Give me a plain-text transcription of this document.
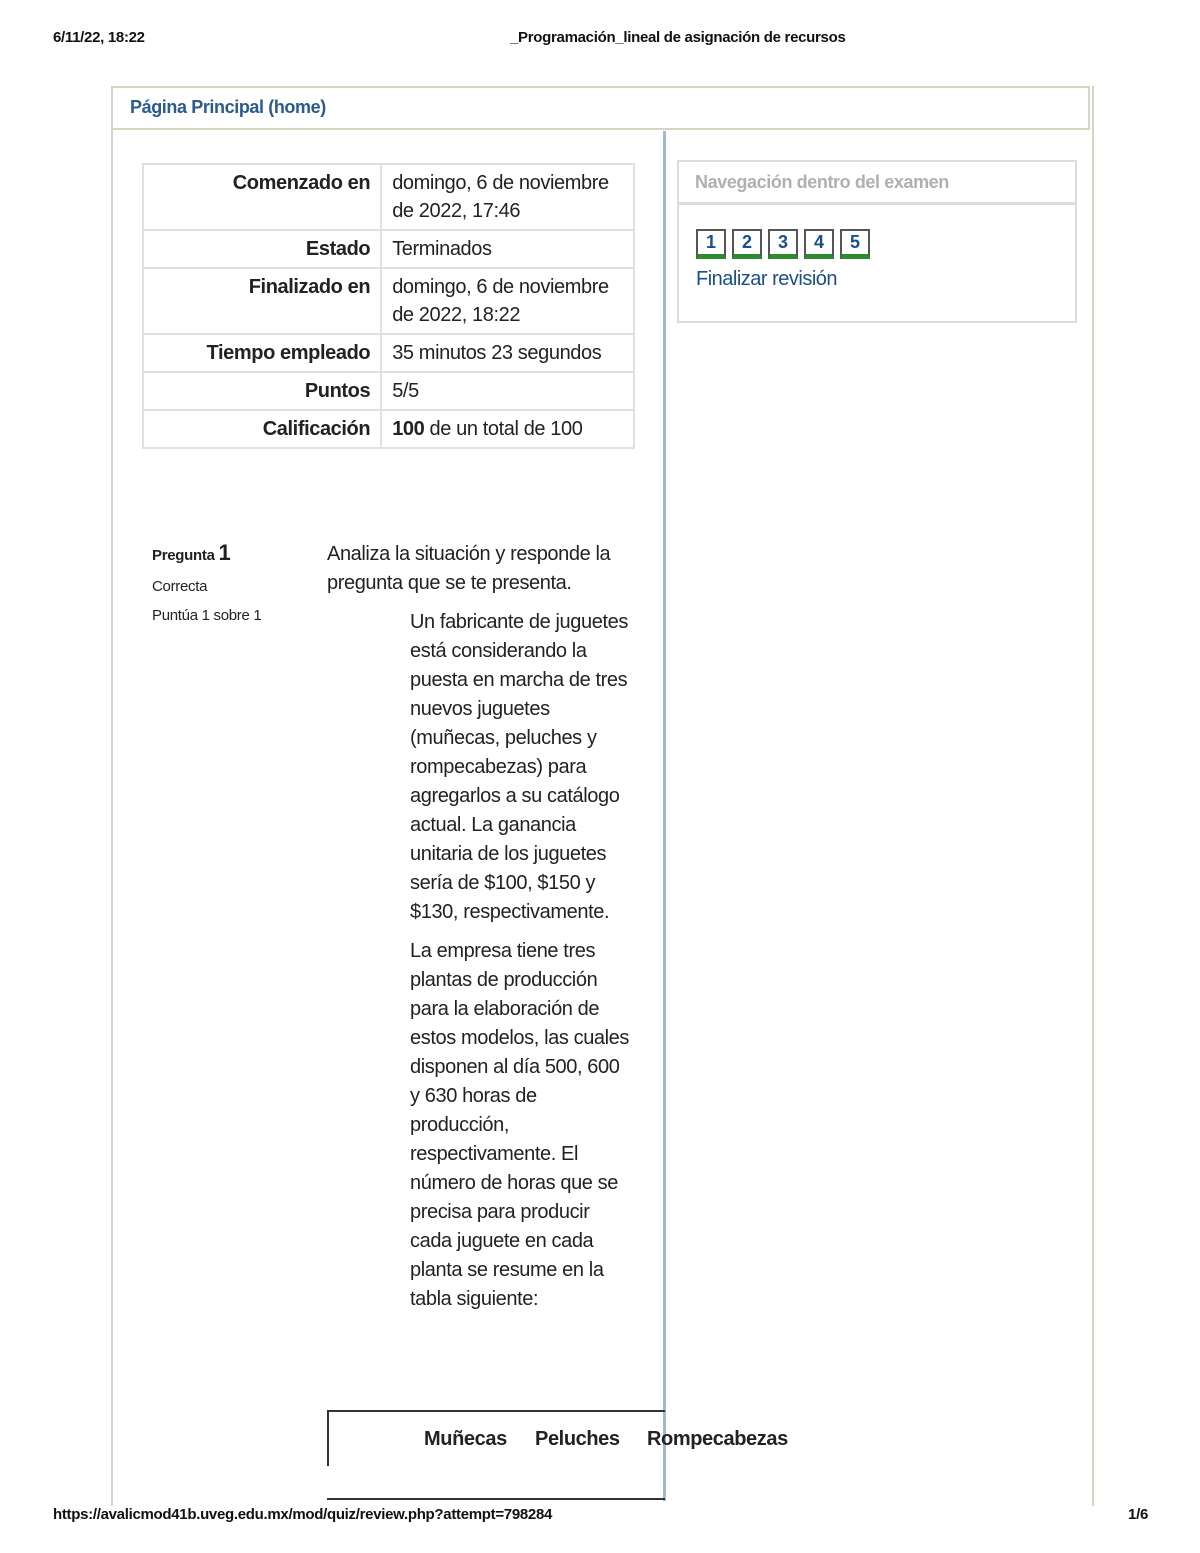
6/11/22, 18:22	_Programación_lineal de asignación de recursos
Página Principal (home)
Comenzado en	domingo, 6 de noviembre de 2022, 17:46
Estado	Terminados
Finalizado en	domingo, 6 de noviembre de 2022, 18:22
Tiempo empleado	35 minutos 23 segundos
Puntos	5/5
Calificación	100 de un total de 100
Pregunta 1
Correcta
Puntúa 1 sobre 1
Analiza la situación y responde la pregunta que se te presenta.

Un fabricante de juguetes está considerando la puesta en marcha de tres nuevos juguetes (muñecas, peluches y rompecabezas) para agregarlos a su catálogo actual. La ganancia unitaria de los juguetes sería de $100, $150 y $130, respectivamente.

La empresa tiene tres plantas de producción para la elaboración de estos modelos, las cuales disponen al día 500, 600 y 630 horas de producción, respectivamente. El número de horas que se precisa para producir cada juguete en cada planta se resume en la tabla siguiente:

Muñecas Peluches Rompecabezas
Navegación dentro del examen
1 2 3 4 5
Finalizar revisión
https://avalicmod41b.uveg.edu.mx/mod/quiz/review.php?attempt=798284	1/6
